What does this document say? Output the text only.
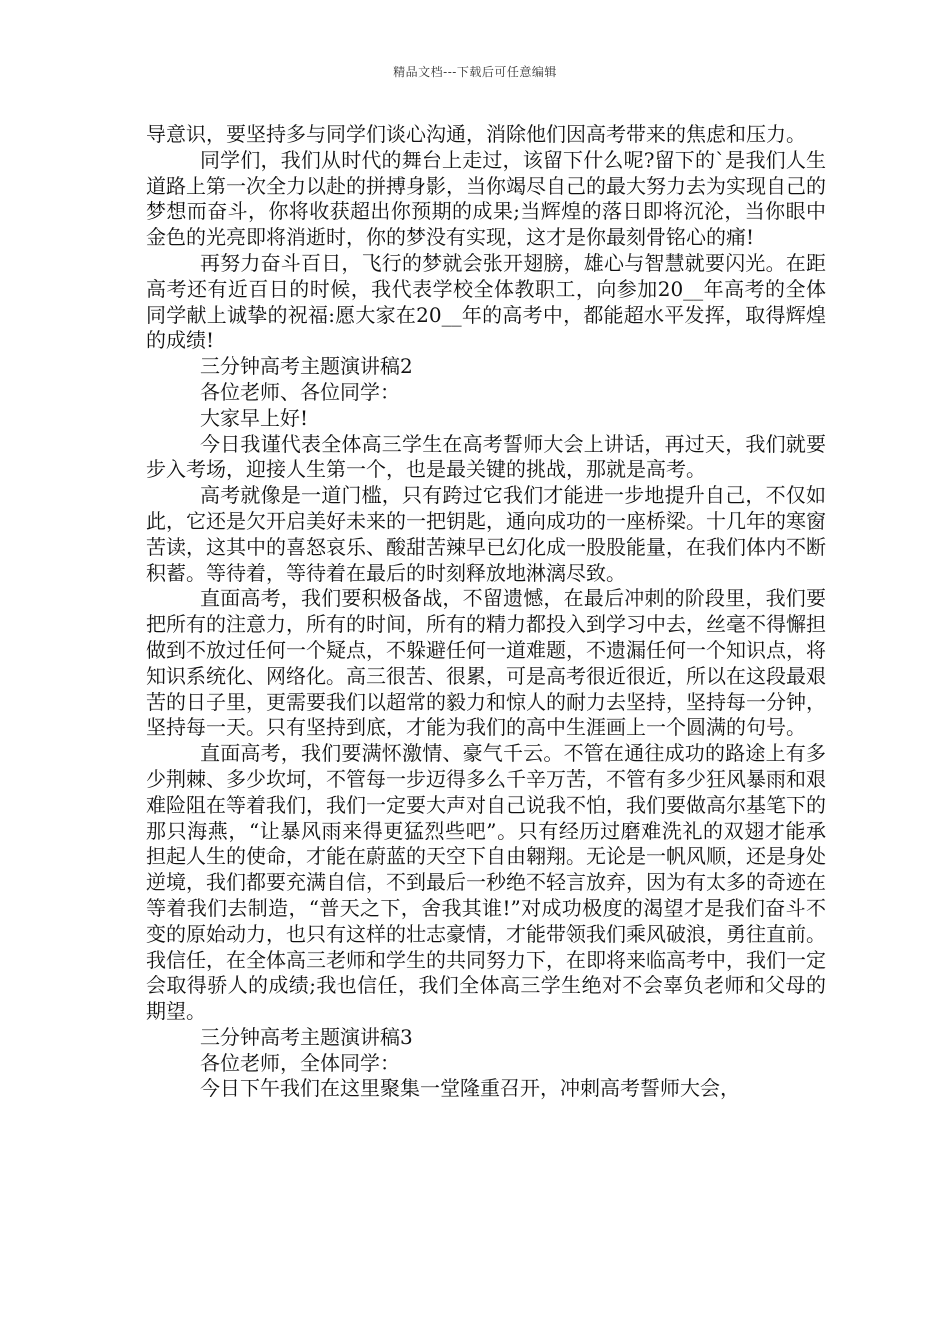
精品文档---下载后可任意编辑

导意识，要坚持多与同学们谈心沟通，消除他们因高考带来的焦虑和压力。

同学们，我们从时代的舞台上走过，该留下什么呢?留下的`是我们人生道路上第一次全力以赴的拼搏身影，当你竭尽自己的最大努力去为实现自己的梦想而奋斗，你将收获超出你预期的成果;当辉煌的落日即将沉沦，当你眼中金色的光亮即将消逝时，你的梦没有实现，这才是你最刻骨铭心的痛!

再努力奋斗百日，飞行的梦就会张开翅膀，雄心与智慧就要闪光。在距高考还有近百日的时候，我代表学校全体教职工，向参加20__年高考的全体同学献上诚挚的祝福:愿大家在20__年的高考中，都能超水平发挥，取得辉煌的成绩!

三分钟高考主题演讲稿2

各位老师、各位同学：

大家早上好!

今日我谨代表全体高三学生在高考誓师大会上讲话，再过天，我们就要步入考场，迎接人生第一个，也是最关键的挑战，那就是高考。

高考就像是一道门槛，只有跨过它我们才能进一步地提升自己，不仅如此，它还是欠开启美好未来的一把钥匙，通向成功的一座桥梁。十几年的寒窗苦读，这其中的喜怒哀乐、酸甜苦辣早已幻化成一股股能量，在我们体内不断积蓄。等待着，等待着在最后的时刻释放地淋漓尽致。

直面高考，我们要积极备战，不留遗憾，在最后冲刺的阶段里，我们要把所有的注意力，所有的时间，所有的精力都投入到学习中去，丝毫不得懈担做到不放过任何一个疑点，不躲避任何一道难题，不遗漏任何一个知识点，将知识系统化、网络化。高三很苦、很累，可是高考很近很近，所以在这段最艰苦的日子里，更需要我们以超常的毅力和惊人的耐力去坚持，坚持每一分钟，坚持每一天。只有坚持到底，才能为我们的高中生涯画上一个圆满的句号。

直面高考，我们要满怀激情、豪气千云。不管在通往成功的路途上有多少荆棘、多少坎坷，不管每一步迈得多么千辛万苦，不管有多少狂风暴雨和艰难险阻在等着我们，我们一定要大声对自己说我不怕，我们要做高尔基笔下的那只海燕，“让暴风雨来得更猛烈些吧”。只有经历过磨难洗礼的双翅才能承担起人生的使命，才能在蔚蓝的天空下自由翱翔。无论是一帆风顺，还是身处逆境，我们都要充满自信，不到最后一秒绝不轻言放弃，因为有太多的奇迹在等着我们去制造，“普天之下，舍我其谁!”对成功极度的渴望才是我们奋斗不变的原始动力，也只有这样的壮志豪情，才能带领我们乘风破浪，勇往直前。我信任，在全体高三老师和学生的共同努力下，在即将来临高考中，我们一定会取得骄人的成绩;我也信任，我们全体高三学生绝对不会辜负老师和父母的期望。

三分钟高考主题演讲稿3

各位老师，全体同学：

今日下午我们在这里聚集一堂隆重召开，冲刺高考誓师大会，
